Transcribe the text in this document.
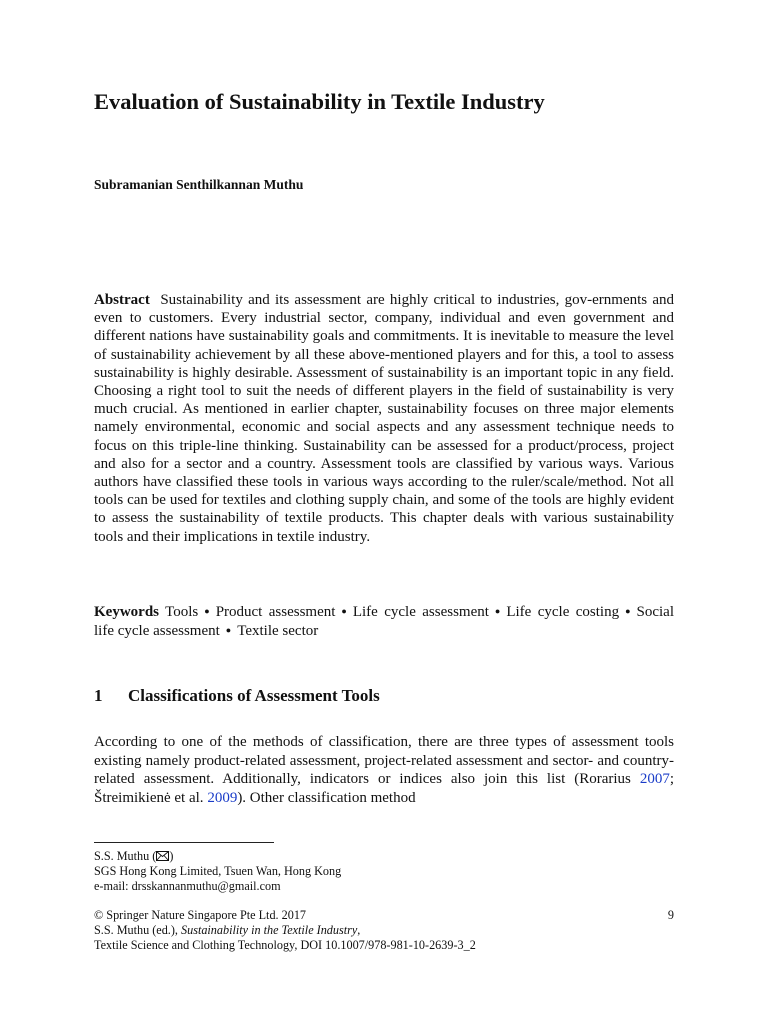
Evaluation of Sustainability in Textile Industry

Subramanian Senthilkannan Muthu

Abstract Sustainability and its assessment are highly critical to industries, gov-ernments and even to customers. Every industrial sector, company, individual and even government and different nations have sustainability goals and commitments. It is inevitable to measure the level of sustainability achievement by all these above-mentioned players and for this, a tool to assess sustainability is highly desirable. Assessment of sustainability is an important topic in any field. Choosing a right tool to suit the needs of different players in the field of sustainability is very much crucial. As mentioned in earlier chapter, sustainability focuses on three major elements namely environmental, economic and social aspects and any assessment technique needs to focus on this triple-line thinking. Sustainability can be assessed for a product/process, project and also for a sector and a country. Assessment tools are classified by various ways. Various authors have classified these tools in various ways according to the ruler/scale/method. Not all tools can be used for textiles and clothing supply chain, and some of the tools are highly evident to assess the sustainability of textile products. This chapter deals with various sustainability tools and their implications in textile industry.

Keywords Tools ● Product assessment ● Life cycle assessment ● Life cycle costing ● Social life cycle assessment ● Textile sector

1 Classifications of Assessment Tools

According to one of the methods of classification, there are three types of assessment tools existing namely product-related assessment, project-related assessment and sector- and country-related assessment. Additionally, indicators or indices also join this list (Rorarius 2007; Štreimikienė et al. 2009). Other classification method

S.S. Muthu ( )

SGS Hong Kong Limited, Tsuen Wan, Hong Kong

e-mail: drsskannanmuthu@gmail.com

© Springer Nature Singapore Pte Ltd. 2017

S.S. Muthu (ed.), Sustainability in the Textile Industry,

Textile Science and Clothing Technology, DOI 10.1007/978-981-10-2639-3_2

9
